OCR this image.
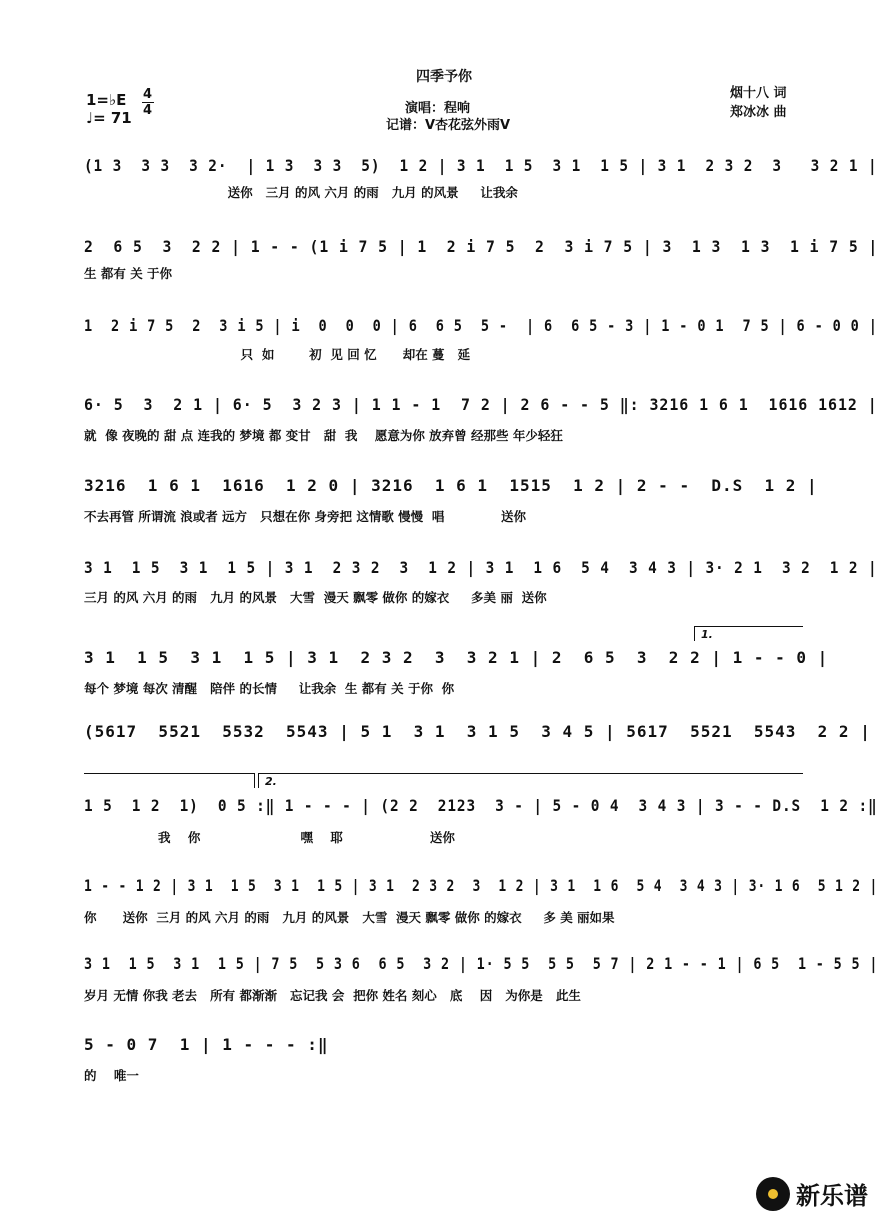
四季予你
演唱：程响
记谱：V杏花弦外雨V
烟十八 词
郑冰冰 曲
1=♭E 4
4
♩= 71
(1 3  3 3  3 2·  | 1 3  3 3  5)  1 2 | 3 1  1 5  3 1  1 5 | 3 1  2 3 2  3   3 2 1 |
送你   三月 的风 六月 的雨   九月 的风景     让我余
2  6 5  3  2 2 | 1 - - (1 i 7 5 | 1  2 i 7 5  2  3 i 7 5 | 3  1 3  1 3  1 i 7 5 |
生 都有 关 于你
1  2 i 7 5  2  3 i 5 | i  0  0  0 | 6  6 5  5 -  | 6  6 5 - 3 | 1 - 0 1  7 5 | 6 - 0 0 |
只  如        初  见 回 忆      却在 蔓   延
6· 5  3  2 1 | 6· 5  3 2 3 | 1 1 - 1  7 2 | 2 6 - - 5 ‖: 3216 1 6 1  1616 1612 |
就  像 夜晚的 甜 点 连我的 梦境 都 变甘   甜  我    愿意为你 放弃曾 经那些 年少轻狂
3216  1 6 1  1616  1 2 0 | 3216  1 6 1  1515  1 2 | 2 - -  D.S  1 2 |
不去再管 所谓流 浪或者 远方   只想在你 身旁把 这情歌 慢慢  唱             送你
3 1  1 5  3 1  1 5 | 3 1  2 3 2  3  1 2 | 3 1  1 6  5 4  3 4 3 | 3· 2 1  3 2  1 2 |
三月 的风 六月 的雨   九月 的风景   大雪  漫天 飘零 做你 的嫁衣     多美 丽  送你
3 1  1 5  3 1  1 5 | 3 1  2 3 2  3  3 2 1 | 2  6 5  3  2 2 | 1 - - 0 |
每个 梦境 每次 清醒   陪伴 的长情     让我余  生 都有 关 于你  你
(5617  5521  5532  5543 | 5 1  3 1  3 1 5  3 4 5 | 5617  5521  5543  2 2 |
1 5  1 2  1)  0 5 :‖ 1 - - - | (2 2  2123  3 - | 5 - 0 4  3 4 3 | 3 - - D.S  1 2 :‖
我    你                       嘿    耶                    送你
1 - - 1 2 | 3 1  1 5  3 1  1 5 | 3 1  2 3 2  3  1 2 | 3 1  1 6  5 4  3 4 3 | 3· 1 6  5 1 2 |
你      送你  三月 的风 六月 的雨   九月 的风景   大雪  漫天 飘零 做你 的嫁衣     多 美 丽如果
3 1  1 5  3 1  1 5 | 7 5  5 3 6  6 5  3 2 | 1· 5 5  5 5  5 7 | 2 1 - - 1 | 6 5  1 - 5 5 |
岁月 无情 你我 老去   所有 都渐渐   忘记我 会  把你 姓名 刻心   底    因   为你是   此生
5 - 0 7  1 | 1 - - - :‖
的    唯一
1.
2.
新乐谱
